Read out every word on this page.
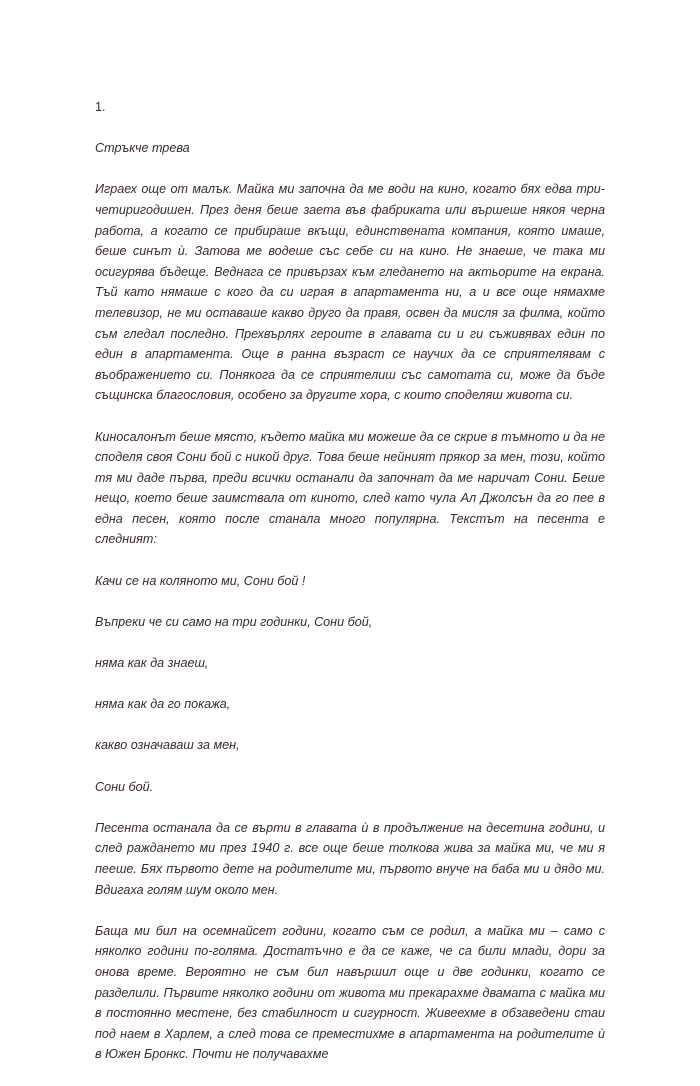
1.

Стръкче трева

Играех още от малък. Майка ми започна да ме води на кино, когато бях едва три-четиригодишен. През деня беше заета във фабриката или вършеше някоя черна работа, а когато се прибираше вкъщи, единствената компания, която имаше, беше синът ѝ. Затова ме водеше със себе си на кино. Не знаеше, че така ми осигурява бъдеще. Веднага се привързах към гледането на актьорите на екрана. Тъй като нямаше с кого да си играя в апартамента ни, а и все още нямахме телевизор, не ми оставаше какво друго да правя, освен да мисля за филма, който съм гледал последно. Прехвърлях героите в главата си и ги съживявах един по един в апартамента. Още в ранна възраст се научих да се сприятелявам с въображението си. Понякога да се сприятелиш със самотата си, може да бъде същинска благословия, особено за другите хора, с които споделяш живота си.

Киносалонът беше място, където майка ми можеше да се скрие в тъмното и да не споделя своя Сони бой с никой друг. Това беше нейният прякор за мен, този, който тя ми даде първа, преди всички останали да започнат да ме наричат Сони. Беше нещо, което беше заимствала от киното, след като чула Ал Джолсън да го пее в една песен, която после станала много популярна. Текстът на песента е следният:

Качи се на коляното ми, Сони бой !

Въпреки че си само на три годинки, Сони бой,

няма как да знаеш,

няма как да го покажа,

какво означаваш за мен,

Сони бой.

Песента останала да се върти в главата ѝ в продължение на десетина години, и след раждането ми през 1940 г. все още беше толкова жива за майка ми, че ми я пееше. Бях първото дете на родителите ми, първото внуче на баба ми и дядо ми. Вдигаха голям шум около мен.

Баща ми бил на осемнайсет години, когато съм се родил, а майка ми – само с няколко години по-голяма. Достатъчно е да се каже, че са били млади, дори за онова време. Вероятно не съм бил навършил още и две годинки, когато се разделили. Първите няколко години от живота ми прекарахме двамата с майка ми в постоянно местене, без стабилност и сигурност. Живеехме в обзаведени стаи под наем в Харлем, а след това се преместихме в апартамента на родителите ѝ в Южен Бронкс. Почти не получавахме
